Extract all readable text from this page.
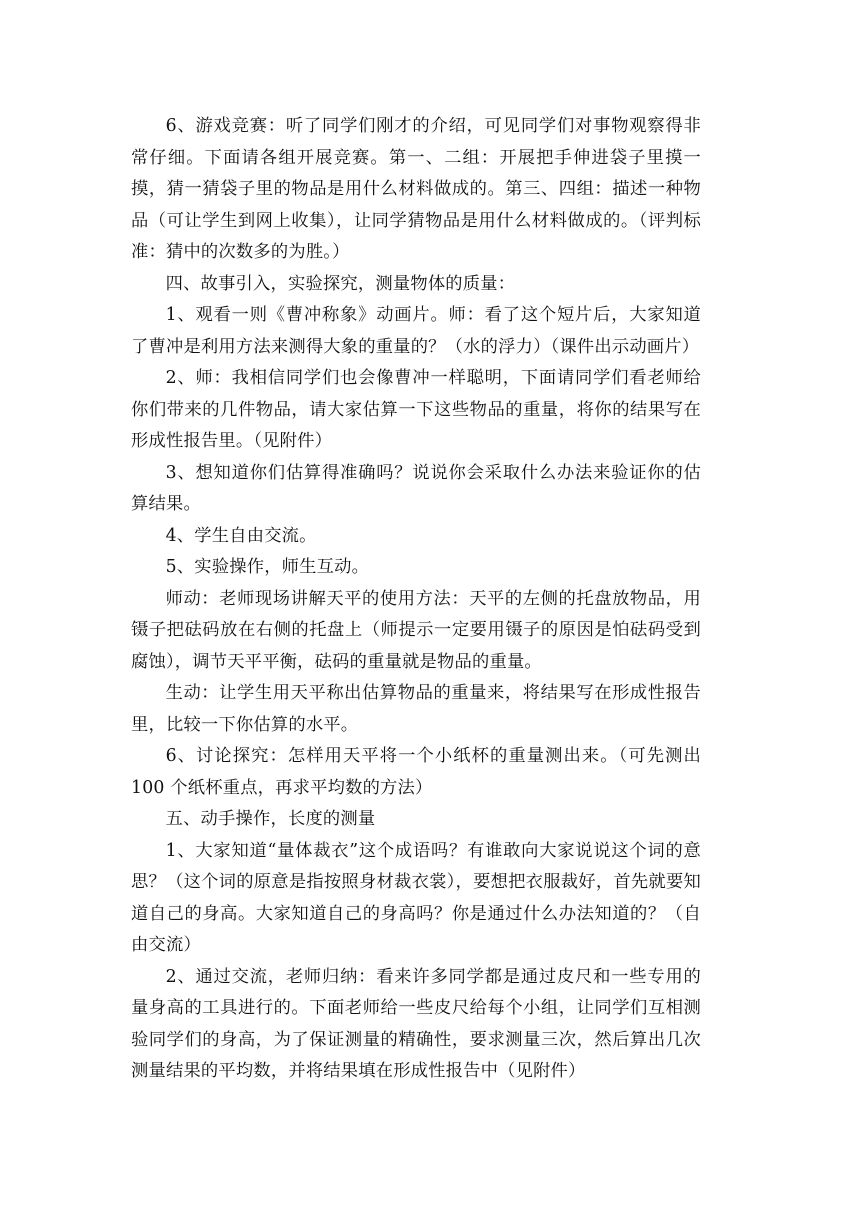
6、游戏竞赛：听了同学们刚才的介绍，可见同学们对事物观察得非常仔细。下面请各组开展竞赛。第一、二组：开展把手伸进袋子里摸一摸，猜一猜袋子里的物品是用什么材料做成的。第三、四组：描述一种物品（可让学生到网上收集），让同学猜物品是用什么材料做成的。（评判标准：猜中的次数多的为胜。）

四、故事引入，实验探究，测量物体的质量：

1、观看一则《曹冲称象》动画片。师：看了这个短片后，大家知道了曹冲是利用方法来测得大象的重量的？（水的浮力）（课件出示动画片）

2、师：我相信同学们也会像曹冲一样聪明，下面请同学们看老师给你们带来的几件物品，请大家估算一下这些物品的重量，将你的结果写在形成性报告里。（见附件）

3、想知道你们估算得准确吗？说说你会采取什么办法来验证你的估算结果。

4、学生自由交流。

5、实验操作，师生互动。

师动：老师现场讲解天平的使用方法：天平的左侧的托盘放物品，用镊子把砝码放在右侧的托盘上（师提示一定要用镊子的原因是怕砝码受到腐蚀），调节天平平衡，砝码的重量就是物品的重量。

生动：让学生用天平称出估算物品的重量来，将结果写在形成性报告里，比较一下你估算的水平。

6、讨论探究：怎样用天平将一个小纸杯的重量测出来。（可先测出 100 个纸杯重点，再求平均数的方法）

五、动手操作，长度的测量

1、大家知道“量体裁衣”这个成语吗？有谁敢向大家说说这个词的意思？（这个词的原意是指按照身材裁衣裳），要想把衣服裁好，首先就要知道自己的身高。大家知道自己的身高吗？你是通过什么办法知道的？（自由交流）

2、通过交流，老师归纳：看来许多同学都是通过皮尺和一些专用的量身高的工具进行的。下面老师给一些皮尺给每个小组，让同学们互相测验同学们的身高，为了保证测量的精确性，要求测量三次，然后算出几次测量结果的平均数，并将结果填在形成性报告中（见附件）
